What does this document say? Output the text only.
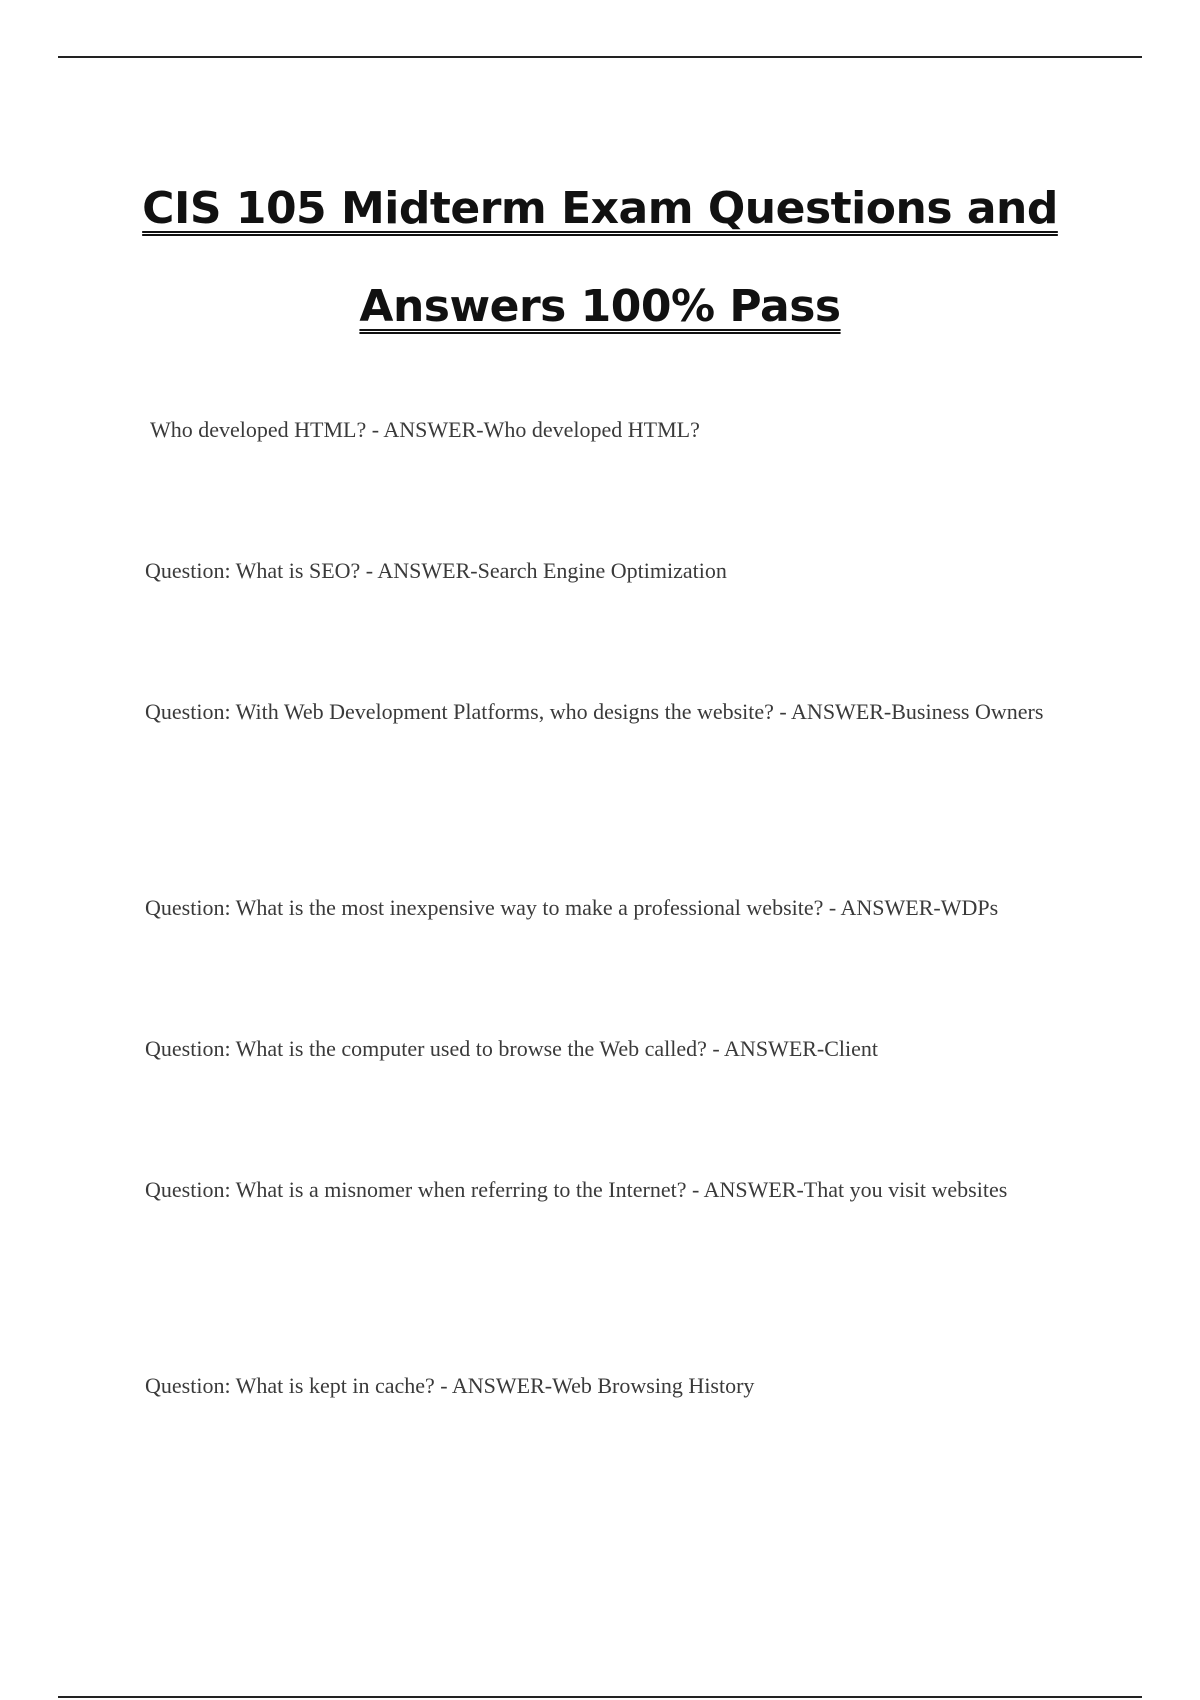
CIS 105 Midterm Exam Questions and
Answers 100% Pass

Who developed HTML? - ANSWER-Who developed HTML?

Question: What is SEO? - ANSWER-Search Engine Optimization

Question: With Web Development Platforms, who designs the website? - ANSWER-Business Owners

Question: What is the most inexpensive way to make a professional website? - ANSWER-WDPs

Question: What is the computer used to browse the Web called? - ANSWER-Client

Question: What is a misnomer when referring to the Internet? - ANSWER-That you visit websites

Question: What is kept in cache? - ANSWER-Web Browsing History
